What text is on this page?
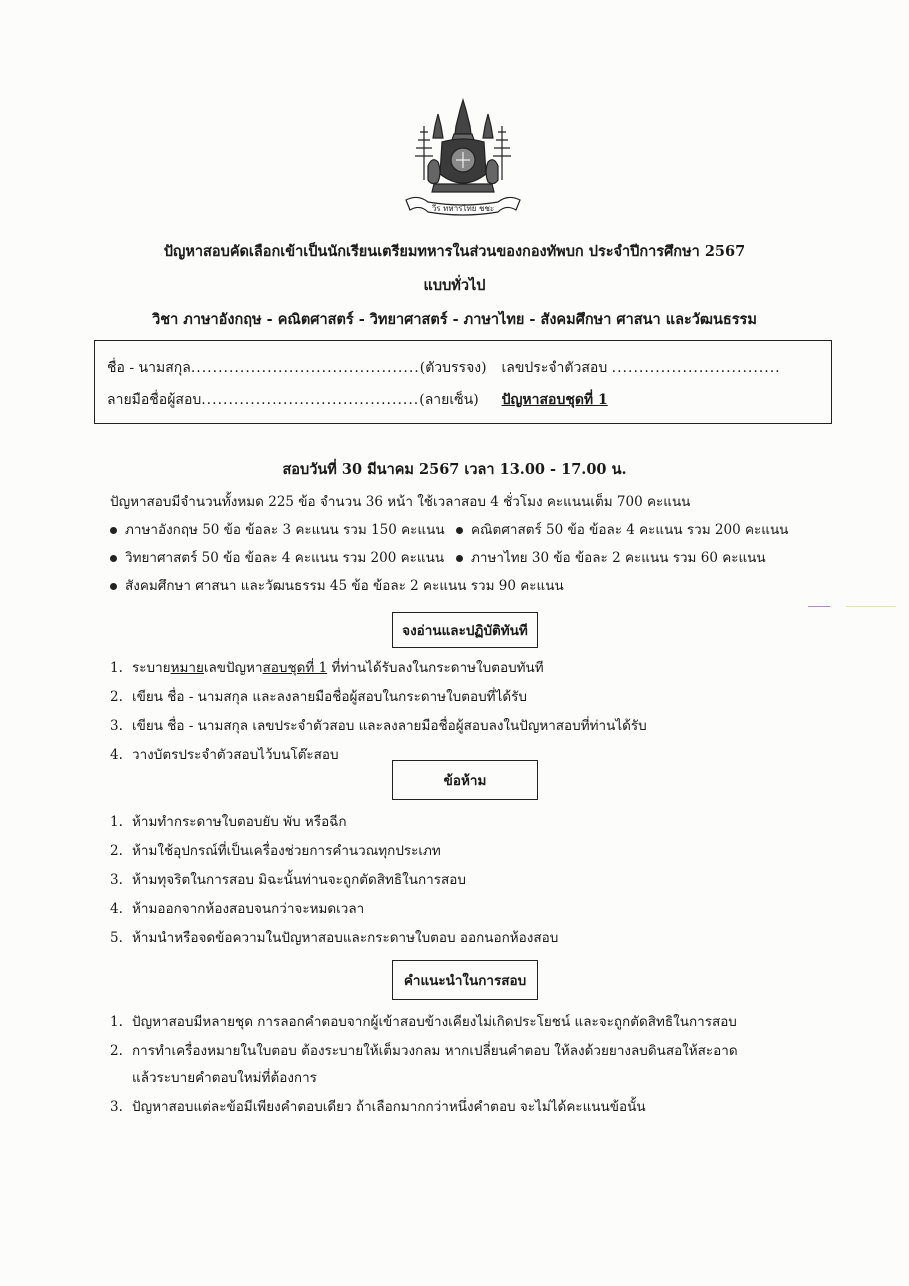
วีร ทหารไทย ชชะ
ปัญหาสอบคัดเลือกเข้าเป็นนักเรียนเตรียมทหารในส่วนของกองทัพบก ประจำปีการศึกษา 2567
แบบทั่วไป
วิชา ภาษาอังกฤษ - คณิตศาสตร์ - วิทยาศาสตร์ - ภาษาไทย - สังคมศึกษา ศาสนา และวัฒนธรรม
ชื่อ - นามสกุล..........................................(ตัวบรรจง) เลขประจำตัวสอบ ...............................
ลายมือชื่อผู้สอบ........................................(ลายเซ็น) ปัญหาสอบชุดที่ 1
สอบวันที่ 30 มีนาคม 2567 เวลา 13.00 - 17.00 น.
ปัญหาสอบมีจำนวนทั้งหมด 225 ข้อ จำนวน 36 หน้า ใช้เวลาสอบ 4 ชั่วโมง คะแนนเต็ม 700 คะแนน
ภาษาอังกฤษ 50 ข้อ ข้อละ 3 คะแนน รวม 150 คะแนน	คณิตศาสตร์ 50 ข้อ ข้อละ 4 คะแนน รวม 200 คะแนน
วิทยาศาสตร์ 50 ข้อ ข้อละ 4 คะแนน รวม 200 คะแนน	ภาษาไทย 30 ข้อ ข้อละ 2 คะแนน รวม 60 คะแนน
สังคมศึกษา ศาสนา และวัฒนธรรม 45 ข้อ ข้อละ 2 คะแนน รวม 90 คะแนน
จงอ่านและปฏิบัติทันที
1. ระบายหมายเลขปัญหาสอบชุดที่ 1 ที่ท่านได้รับลงในกระดาษใบตอบทันที
2. เขียน ชื่อ - นามสกุล และลงลายมือชื่อผู้สอบในกระดาษใบตอบที่ได้รับ
3. เขียน ชื่อ - นามสกุล เลขประจำตัวสอบ และลงลายมือชื่อผู้สอบลงในปัญหาสอบที่ท่านได้รับ
4. วางบัตรประจำตัวสอบไว้บนโต๊ะสอบ
ข้อห้าม
1. ห้ามทำกระดาษใบตอบยับ พับ หรือฉีก
2. ห้ามใช้อุปกรณ์ที่เป็นเครื่องช่วยการคำนวณทุกประเภท
3. ห้ามทุจริตในการสอบ มิฉะนั้นท่านจะถูกตัดสิทธิในการสอบ
4. ห้ามออกจากห้องสอบจนกว่าจะหมดเวลา
5. ห้ามนำหรือจดข้อความในปัญหาสอบและกระดาษใบตอบ ออกนอกห้องสอบ
คำแนะนำในการสอบ
1. ปัญหาสอบมีหลายชุด การลอกคำตอบจากผู้เข้าสอบข้างเคียงไม่เกิดประโยชน์ และจะถูกตัดสิทธิในการสอบ
2. การทำเครื่องหมายในใบตอบ ต้องระบายให้เต็มวงกลม หากเปลี่ยนคำตอบ ให้ลงด้วยยางลบดินสอให้สะอาด
แล้วระบายคำตอบใหม่ที่ต้องการ
3. ปัญหาสอบแต่ละข้อมีเพียงคำตอบเดียว ถ้าเลือกมากกว่าหนึ่งคำตอบ จะไม่ได้คะแนนข้อนั้น
